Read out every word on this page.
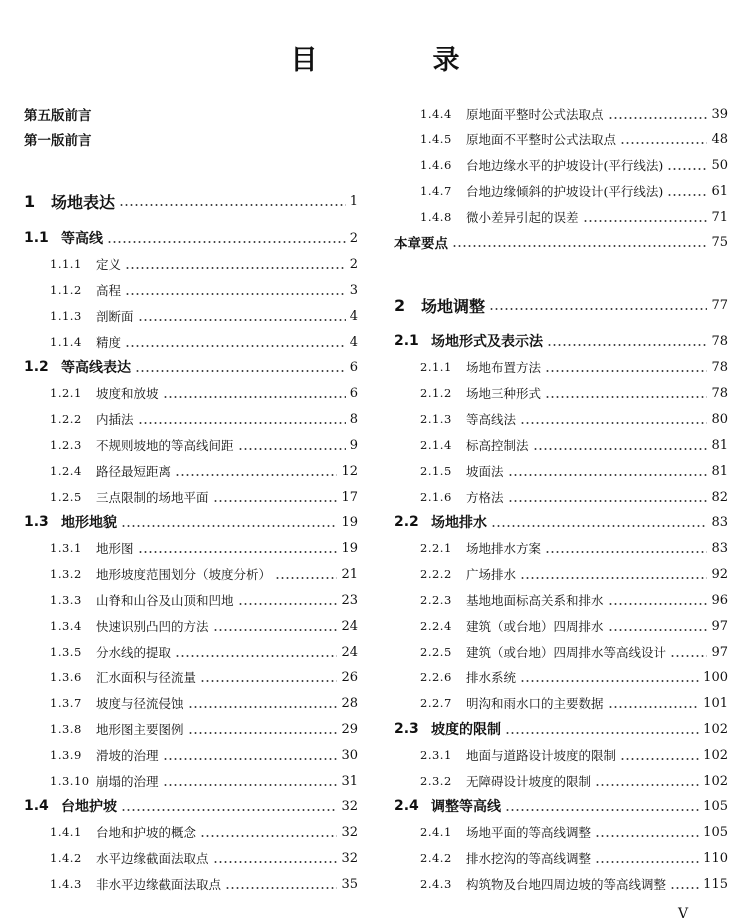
目　录
第五版前言
第一版前言
1 场地表达	1
1.1 等高线	2
1.1.1	定义	2
1.1.2	高程	3
1.1.3	剖断面	4
1.1.4	精度	4
1.2 等高线表达	6
1.2.1	坡度和放坡	6
1.2.2	内插法	8
1.2.3	不规则坡地的等高线间距	9
1.2.4	路径最短距离	12
1.2.5	三点限制的场地平面	17
1.3 地形地貌	19
1.3.1	地形图	19
1.3.2	地形坡度范围划分（坡度分析）	21
1.3.3	山脊和山谷及山顶和凹地	23
1.3.4	快速识别凸凹的方法	24
1.3.5	分水线的提取	24
1.3.6	汇水面积与径流量	26
1.3.7	坡度与径流侵蚀	28
1.3.8	地形图主要图例	29
1.3.9	滑坡的治理	30
1.3.10 崩塌的治理	31
1.4 台地护坡	32
1.4.1	台地和护坡的概念	32
1.4.2	水平边缘截面法取点	32
1.4.3	非水平边缘截面法取点	35
1.4.4	原地面平整时公式法取点	39
1.4.5	原地面不平整时公式法取点	48
1.4.6	台地边缘水平的护坡设计(平行线法)	50
1.4.7	台地边缘倾斜的护坡设计(平行线法)	61
1.4.8	微小差异引起的误差	71
本章要点	75
2 场地调整	77
2.1 场地形式及表示法	78
2.1.1	场地布置方法	78
2.1.2	场地三种形式	78
2.1.3	等高线法	80
2.1.4	标高控制法	81
2.1.5	坡面法	81
2.1.6	方格法	82
2.2 场地排水	83
2.2.1	场地排水方案	83
2.2.2	广场排水	92
2.2.3	基地地面标高关系和排水	96
2.2.4	建筑（或台地）四周排水	97
2.2.5	建筑（或台地）四周排水等高线设计	97
2.2.6	排水系统	100
2.2.7	明沟和雨水口的主要数据	101
2.3 坡度的限制	102
2.3.1	地面与道路设计坡度的限制	102
2.3.2	无障碍设计坡度的限制	102
2.4 调整等高线	105
2.4.1	场地平面的等高线调整	105
2.4.2	排水挖沟的等高线调整	110
2.4.3	构筑物及台地四周边坡的等高线调整	115
V
